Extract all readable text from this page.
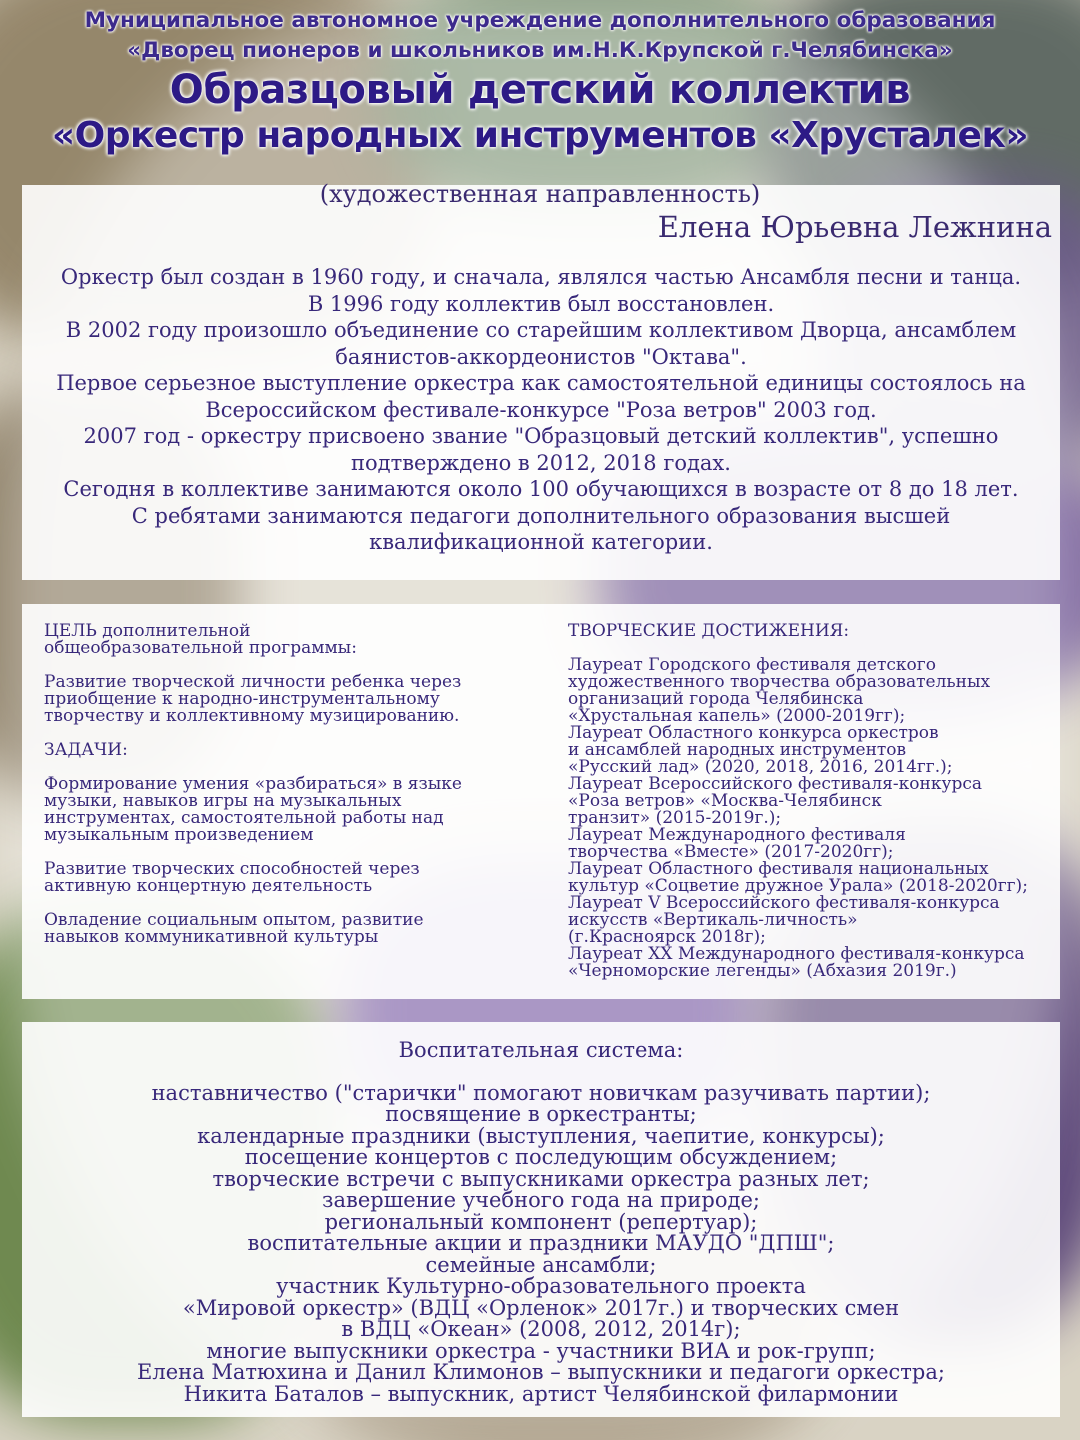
Муниципальное автономное учреждение дополнительного образования
«Дворец пионеров и школьников им.Н.К.Крупской г.Челябинска»
Образцовый детский коллектив
«Оркестр народных инструментов «Хрусталек»
(художественная направленность)
Елена Юрьевна Лежнина
Оркестр был создан в 1960 году, и сначала, являлся частью Ансамбля песни и танца.
В 1996 году коллектив был восстановлен.
В 2002 году произошло объединение со старейшим коллективом Дворца, ансамблем
баянистов-аккордеонистов "Октава".
Первое серьезное выступление оркестра как самостоятельной единицы состоялось на
Всероссийском фестивале-конкурсе "Роза ветров" 2003 год.
2007 год - оркестру присвоено звание "Образцовый детский коллектив", успешно
подтверждено в 2012, 2018 годах.
Сегодня в коллективе занимаются около 100 обучающихся в возрасте от 8 до 18 лет.
С ребятами занимаются педагоги дополнительного образования высшей
квалификационной категории.
ЦЕЛЬ дополнительной
общеобразовательной программы:
Развитие творческой личности ребенка через
приобщение к народно-инструментальному
творчеству и коллективному музицированию.
ЗАДАЧИ:
Формирование умения «разбираться» в языке
музыки, навыков игры на музыкальных
инструментах, самостоятельной работы над
музыкальным произведением
Развитие творческих способностей через
активную концертную деятельность
Овладение социальным опытом, развитие
навыков коммуникативной культуры
ТВОРЧЕСКИЕ ДОСТИЖЕНИЯ:
Лауреат Городского фестиваля детского
художественного творчества образовательных
организаций города Челябинска
«Хрустальная капель» (2000-2019гг);
Лауреат Областного конкурса оркестров
и ансамблей народных инструментов
«Русский лад» (2020, 2018, 2016, 2014гг.);
Лауреат Всероссийского фестиваля-конкурса
«Роза ветров» «Москва-Челябинск
транзит» (2015-2019г.);
Лауреат Международного фестиваля
творчества «Вместе» (2017-2020гг);
Лауреат Областного фестиваля национальных
культур «Соцветие дружное Урала» (2018-2020гг);
Лауреат V Всероссийского фестиваля-конкурса
искусств «Вертикаль-личность»
(г.Красноярск 2018г);
Лауреат XX Международного фестиваля-конкурса
«Черноморские легенды» (Абхазия 2019г.)
Воспитательная система:
наставничество ("старички" помогают новичкам разучивать партии);
посвящение в оркестранты;
календарные праздники (выступления, чаепитие, конкурсы);
посещение концертов с последующим обсуждением;
творческие встречи с выпускниками оркестра разных лет;
завершение учебного года на природе;
региональный компонент (репертуар);
воспитательные акции и праздники МАУДО "ДПШ";
семейные ансамбли;
участник Культурно-образовательного проекта
«Мировой оркестр» (ВДЦ «Орленок» 2017г.) и творческих смен
в ВДЦ «Океан» (2008, 2012, 2014г);
многие выпускники оркестра - участники ВИА и рок-групп;
Елена Матюхина и Данил Климонов – выпускники и педагоги оркестра;
Никита Баталов – выпускник, артист Челябинской филармонии
